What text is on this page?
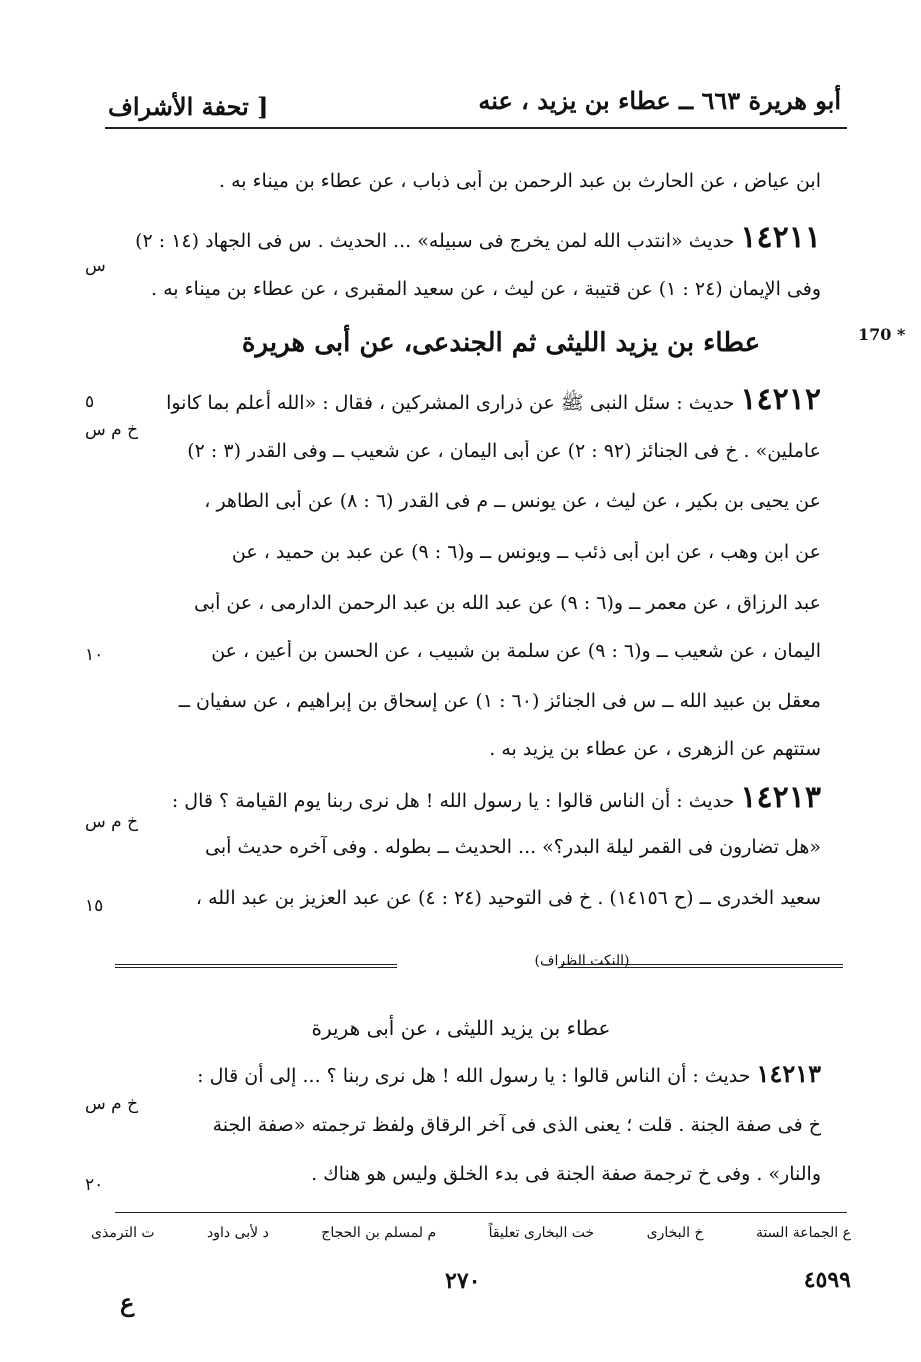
أبو هريرة ٦٦٣ ــ عطاء بن يزيد ، عنه
[ تحفة الأشراف
ابن عياض ، عن الحارث بن عبد الرحمن بن أبى ذباب ، عن عطاء بن ميناء به .
١٤٢١١ حديث «انتدب الله لمن يخرج فى سبيله» ... الحديث . س فى الجهاد (١٤ : ٢)
س
وفى الإيمان (٢٤ : ١) عن قتيبة ، عن ليث ، عن سعيد المقبرى ، عن عطاء بن ميناء به .
170 *
عطاء بن يزيد الليثى ثم الجندعى، عن أبى هريرة
١٤٢١٢ حديث : سئل النبى ﷺ عن ذرارى المشركين ، فقال : «الله أعلم بما كانوا
٥
خ م س
عاملين» . خ فى الجنائز (٩٢ : ٢) عن أبى اليمان ، عن شعيب ــ وفى القدر (٣ : ٢)
عن يحيى بن بكير ، عن ليث ، عن يونس ــ م فى القدر (٦ : ٨) عن أبى الطاهر ،
عن ابن وهب ، عن ابن أبى ذئب ــ ويونس ــ و(٦ : ٩) عن عبد بن حميد ، عن
عبد الرزاق ، عن معمر ــ و(٦ : ٩) عن عبد الله بن عبد الرحمن الدارمى ، عن أبى
اليمان ، عن شعيب ــ و(٦ : ٩) عن سلمة بن شبيب ، عن الحسن بن أعين ، عن
١٠
معقل بن عبيد الله ــ س فى الجنائز (٦٠ : ١) عن إسحاق بن إبراهيم ، عن سفيان ــ
ستتهم عن الزهرى ، عن عطاء بن يزيد به .
١٤٢١٣ حديث : أن الناس قالوا : يا رسول الله ! هل نرى ربنا يوم القيامة ؟ قال :
خ م س
«هل تضارون فى القمر ليلة البدر؟» ... الحديث ــ بطوله . وفى آخره حديث أبى
سعيد الخدرى ــ (ح ١٤١٥٦) . خ فى التوحيد (٢٤ : ٤) عن عبد العزيز بن عبد الله ،
١٥
(النكت الظراف)
عطاء بن يزيد الليثى ، عن أبى هريرة
١٤٢١٣ حديث : أن الناس قالوا : يا رسول الله ! هل نرى ربنا ؟ ... إلى أن قال :
خ م س
خ فى صفة الجنة . قلت ؛ يعنى الذى فى آخر الرقاق ولفظ ترجمته «صفة الجنة
والنار» . وفى خ ترجمة صفة الجنة فى بدء الخلق وليس هو هناك .
٢٠
ع الجماعة الستة
خ البخارى
خت البخارى تعليقاً
م لمسلم بن الحجاج
د لأبى داود
ت الترمذى
٢٧٠	٤٥٩٩
ع
